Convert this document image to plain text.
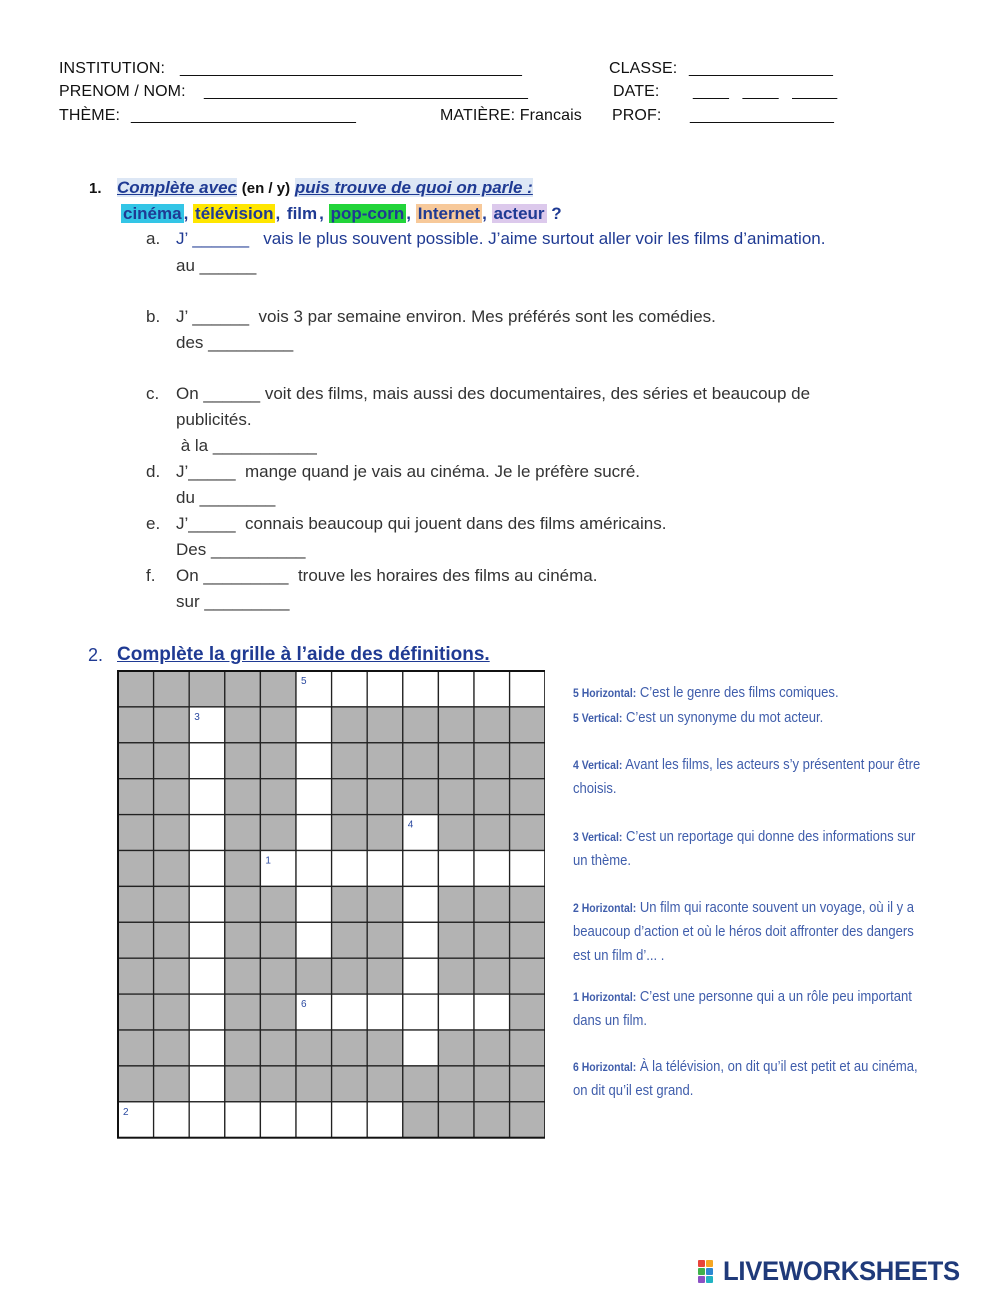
INSTITUTION: ______________________________________	CLASSE: ________________
PRENOM / NOM: ____________________________________	DATE: ____   ____   _____
THÈME: _________________________	MATIÈRE: Francais PROF: ________________
1. Complète avec (en / y) puis trouve de quoi on parle :
cinéma , télévision , film , pop-corn , Internet , acteur ?
a. J’ ______   vais le plus souvent possible. J’aime surtout aller voir les films d’animation.
au ______
b. J’ ______  vois 3 par semaine environ. Mes préférés sont les comédies.
des _________
c. On ______ voit des films, mais aussi des documentaires, des séries et beaucoup de
publicités.
à la ___________
d. J’_____  mange quand je vais au cinéma. Je le préfère sucré.
du ________
e. J’_____  connais beaucoup qui jouent dans des films américains.
Des __________
f. On _________  trouve les horaires des films au cinéma.
sur _________
2. Complète la grille à l’aide des définitions.
5
3
4
1
6
2
5 Horizontal: C’est le genre des films comiques.
5 Vertical: C’est un synonyme du mot acteur.
4 Vertical: Avant les films, les acteurs s’y présentent pour être choisis.
3 Vertical: C’est un reportage qui donne des informations sur un thème.
2 Horizontal: Un film qui raconte souvent un voyage, où il y a beaucoup d’action et où le héros doit affronter des dangers est un film d’... .
1 Horizontal: C’est une personne qui a un rôle peu important dans un film.
6 Horizontal: À la télévision, on dit qu’il est petit et au cinéma, on dit qu’il est grand.
LIVEWORKSHEETS
